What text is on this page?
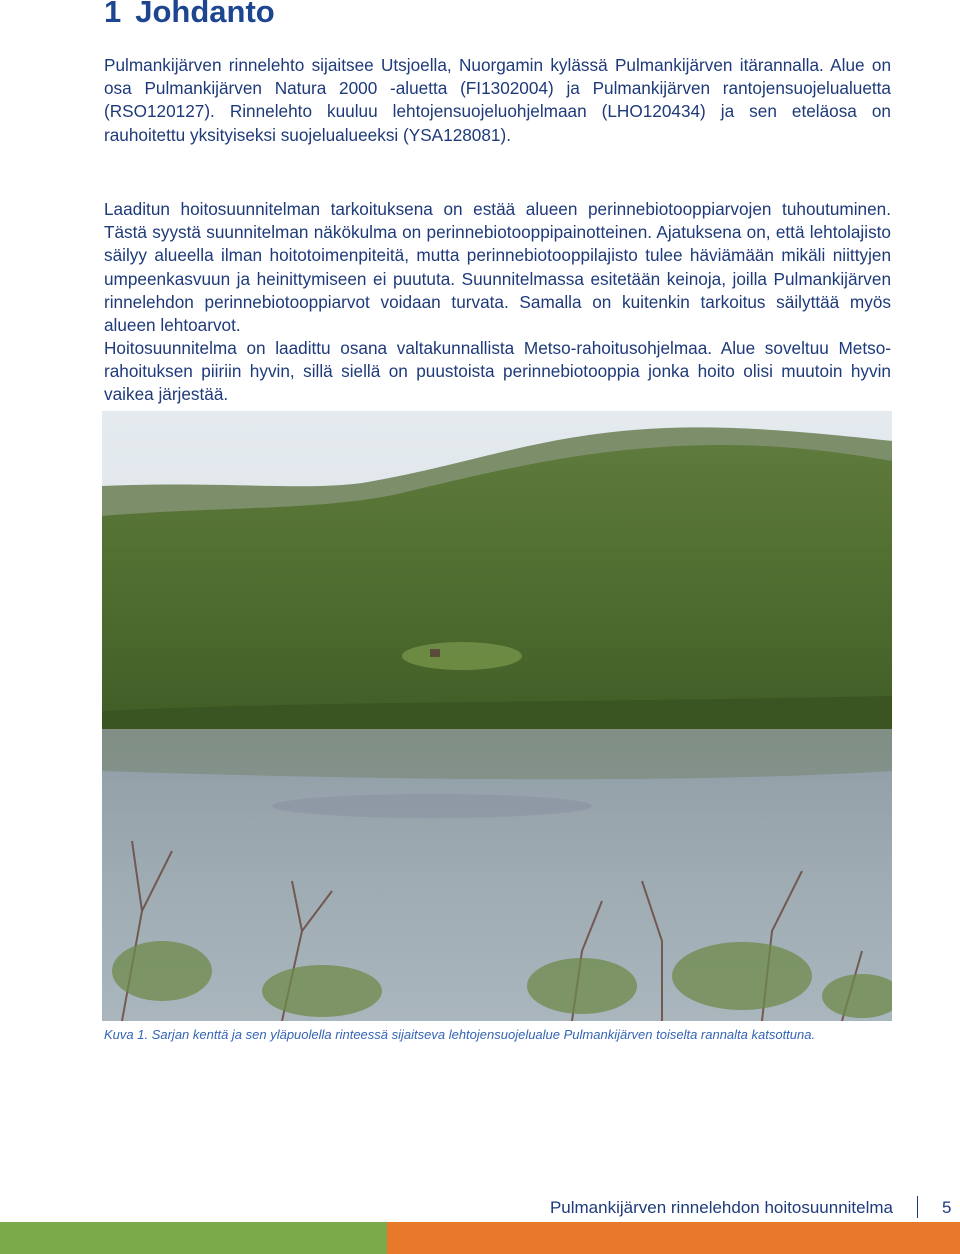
1 Johdanto

Pulmankijärven rinnelehto sijaitsee Utsjoella, Nuorgamin kylässä Pulmankijärven itärannalla. Alue on osa Pulmankijärven Natura 2000 -aluetta (FI1302004) ja Pulmankijärven rantojensuojelualuetta (RSO120127). Rinnelehto kuuluu lehtojensuojeluohjelmaan (LHO120434) ja sen eteläosa on rauhoitettu yksityiseksi suojelualueeksi (YSA128081).

Laaditun hoitosuunnitelman tarkoituksena on estää alueen perinnebiotooppiarvojen tuhoutuminen. Tästä syystä suunnitelman näkökulma on perinnebiotooppipainotteinen. Ajatuksena on, että lehtolajisto säilyy alueella ilman hoitotoimenpiteitä, mutta perinnebiotooppilajisto tulee häviämään mikäli niittyjen umpeenkasvuun ja heinittymiseen ei puututa. Suunnitelmassa esitetään keinoja, joilla Pulmankijärven rinnelehdon perinnebiotooppiarvot voidaan turvata. Samalla on kuitenkin tarkoitus säilyttää myös alueen lehtoarvot.

Hoitosuunnitelma on laadittu osana valtakunnallista Metso-rahoitusohjelmaa. Alue soveltuu Metso-rahoituksen piiriin hyvin, sillä siellä on puustoista perinnebiotooppia jonka hoito olisi muutoin hyvin vaikea järjestää.

Kuva 1. Sarjan kenttä ja sen yläpuolella rinteessä sijaitseva lehtojensuojelualue Pulmankijärven toiselta rannalta katsottuna.

Pulmankijärven rinnelehdon hoitosuunnitelma	5
